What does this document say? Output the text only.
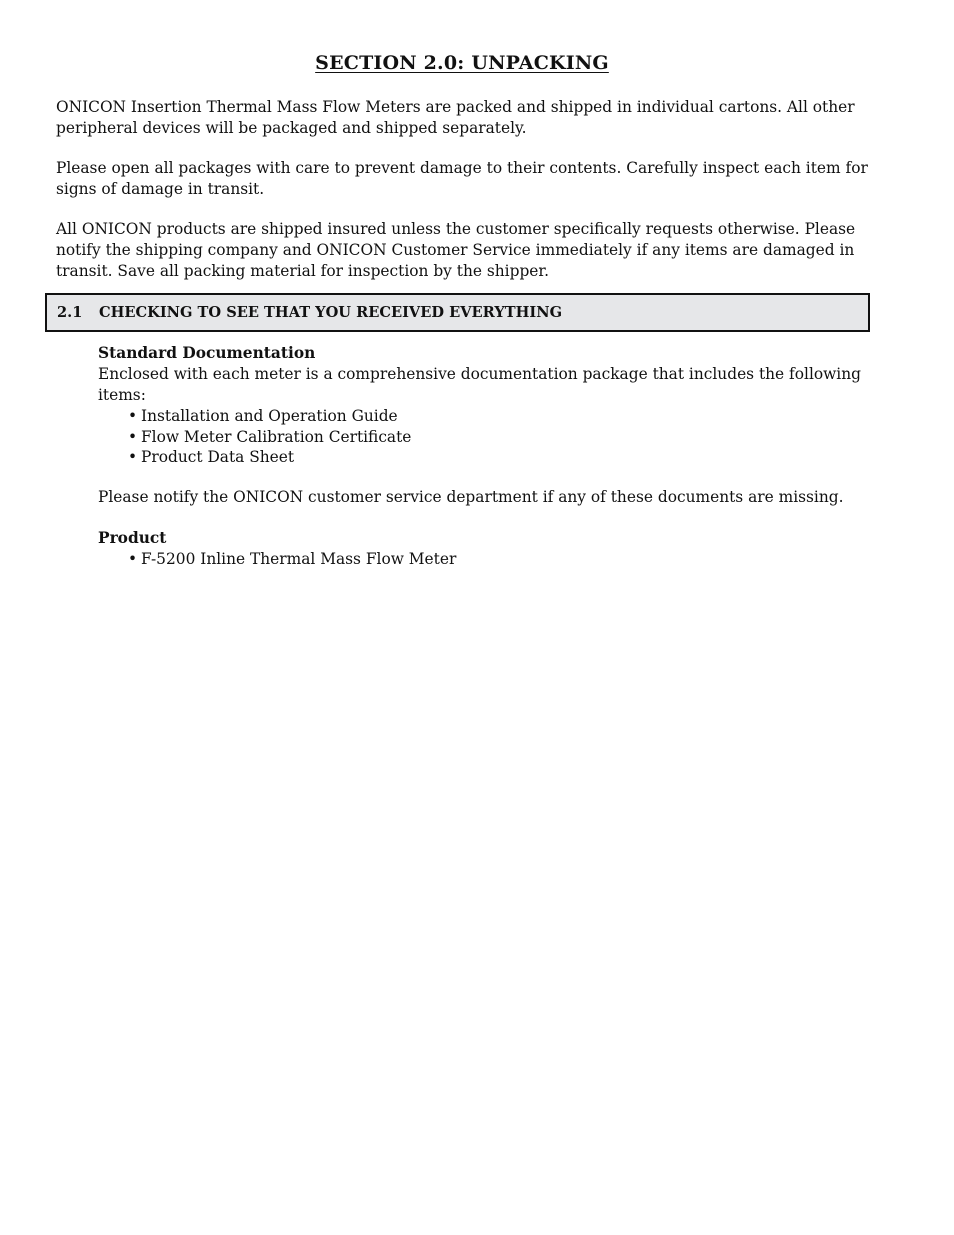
SECTION 2.0: UNPACKING

ONICON Insertion Thermal Mass Flow Meters are packed and shipped in individual cartons. All other peripheral devices will be packaged and shipped separately.

Please open all packages with care to prevent damage to their contents. Carefully inspect each item for signs of damage in transit.

All ONICON products are shipped insured unless the customer specifically requests otherwise. Please notify the shipping company and ONICON Customer Service immediately if any items are damaged in transit. Save all packing material for inspection by the shipper.

2.1 CHECKING TO SEE THAT YOU RECEIVED EVERYTHING
Standard Documentation
Enclosed with each meter is a comprehensive documentation package that includes the following items:
• Installation and Operation Guide
• Flow Meter Calibration Certificate
• Product Data Sheet
Please notify the ONICON customer service department if any of these documents are missing.
Product
• F-5200 Inline Thermal Mass Flow Meter
